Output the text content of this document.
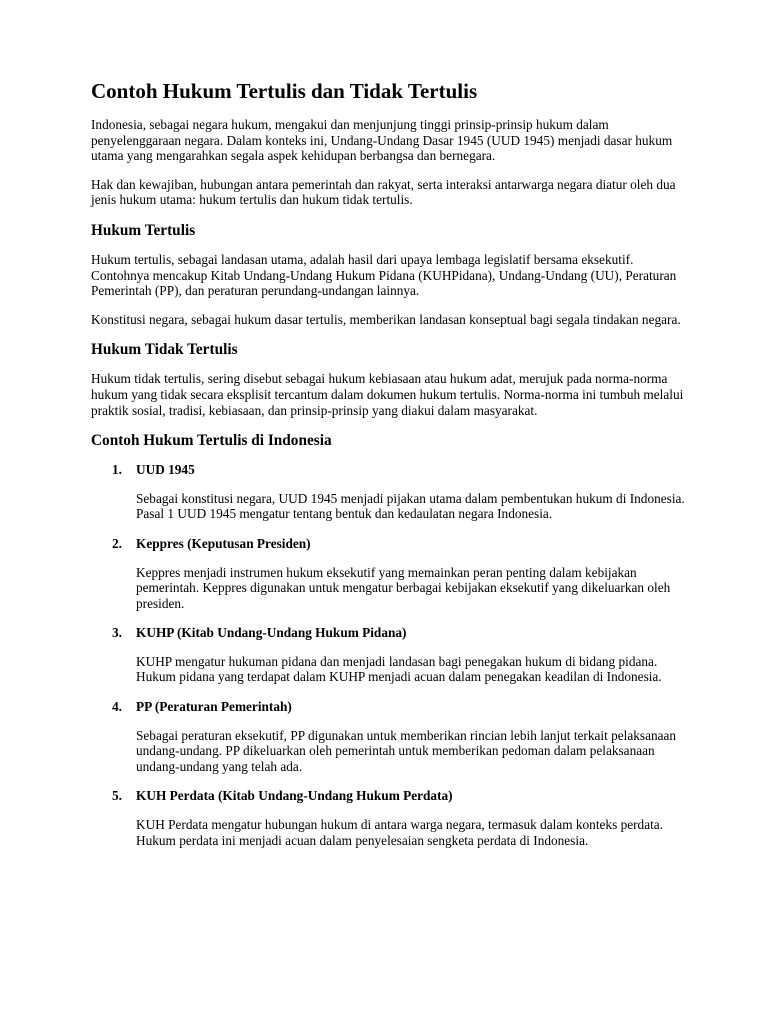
Contoh Hukum Tertulis dan Tidak Tertulis

Indonesia, sebagai negara hukum, mengakui dan menjunjung tinggi prinsip-prinsip hukum dalam penyelenggaraan negara. Dalam konteks ini, Undang-Undang Dasar 1945 (UUD 1945) menjadi dasar hukum utama yang mengarahkan segala aspek kehidupan berbangsa dan bernegara.

Hak dan kewajiban, hubungan antara pemerintah dan rakyat, serta interaksi antarwarga negara diatur oleh dua jenis hukum utama: hukum tertulis dan hukum tidak tertulis.

Hukum Tertulis

Hukum tertulis, sebagai landasan utama, adalah hasil dari upaya lembaga legislatif bersama eksekutif. Contohnya mencakup Kitab Undang-Undang Hukum Pidana (KUHPidana), Undang-Undang (UU), Peraturan Pemerintah (PP), dan peraturan perundang-undangan lainnya.

Konstitusi negara, sebagai hukum dasar tertulis, memberikan landasan konseptual bagi segala tindakan negara.

Hukum Tidak Tertulis

Hukum tidak tertulis, sering disebut sebagai hukum kebiasaan atau hukum adat, merujuk pada norma-norma hukum yang tidak secara eksplisit tercantum dalam dokumen hukum tertulis. Norma-norma ini tumbuh melalui praktik sosial, tradisi, kebiasaan, dan prinsip-prinsip yang diakui dalam masyarakat.

Contoh Hukum Tertulis di Indonesia
1. UUD 1945

Sebagai konstitusi negara, UUD 1945 menjadi pijakan utama dalam pembentukan hukum di Indonesia. Pasal 1 UUD 1945 mengatur tentang bentuk dan kedaulatan negara Indonesia.

2. Keppres (Keputusan Presiden)

Keppres menjadi instrumen hukum eksekutif yang memainkan peran penting dalam kebijakan pemerintah. Keppres digunakan untuk mengatur berbagai kebijakan eksekutif yang dikeluarkan oleh presiden.

3. KUHP (Kitab Undang-Undang Hukum Pidana)

KUHP mengatur hukuman pidana dan menjadi landasan bagi penegakan hukum di bidang pidana. Hukum pidana yang terdapat dalam KUHP menjadi acuan dalam penegakan keadilan di Indonesia.

4. PP (Peraturan Pemerintah)

Sebagai peraturan eksekutif, PP digunakan untuk memberikan rincian lebih lanjut terkait pelaksanaan undang-undang. PP dikeluarkan oleh pemerintah untuk memberikan pedoman dalam pelaksanaan undang-undang yang telah ada.

5. KUH Perdata (Kitab Undang-Undang Hukum Perdata)

KUH Perdata mengatur hubungan hukum di antara warga negara, termasuk dalam konteks perdata. Hukum perdata ini menjadi acuan dalam penyelesaian sengketa perdata di Indonesia.
